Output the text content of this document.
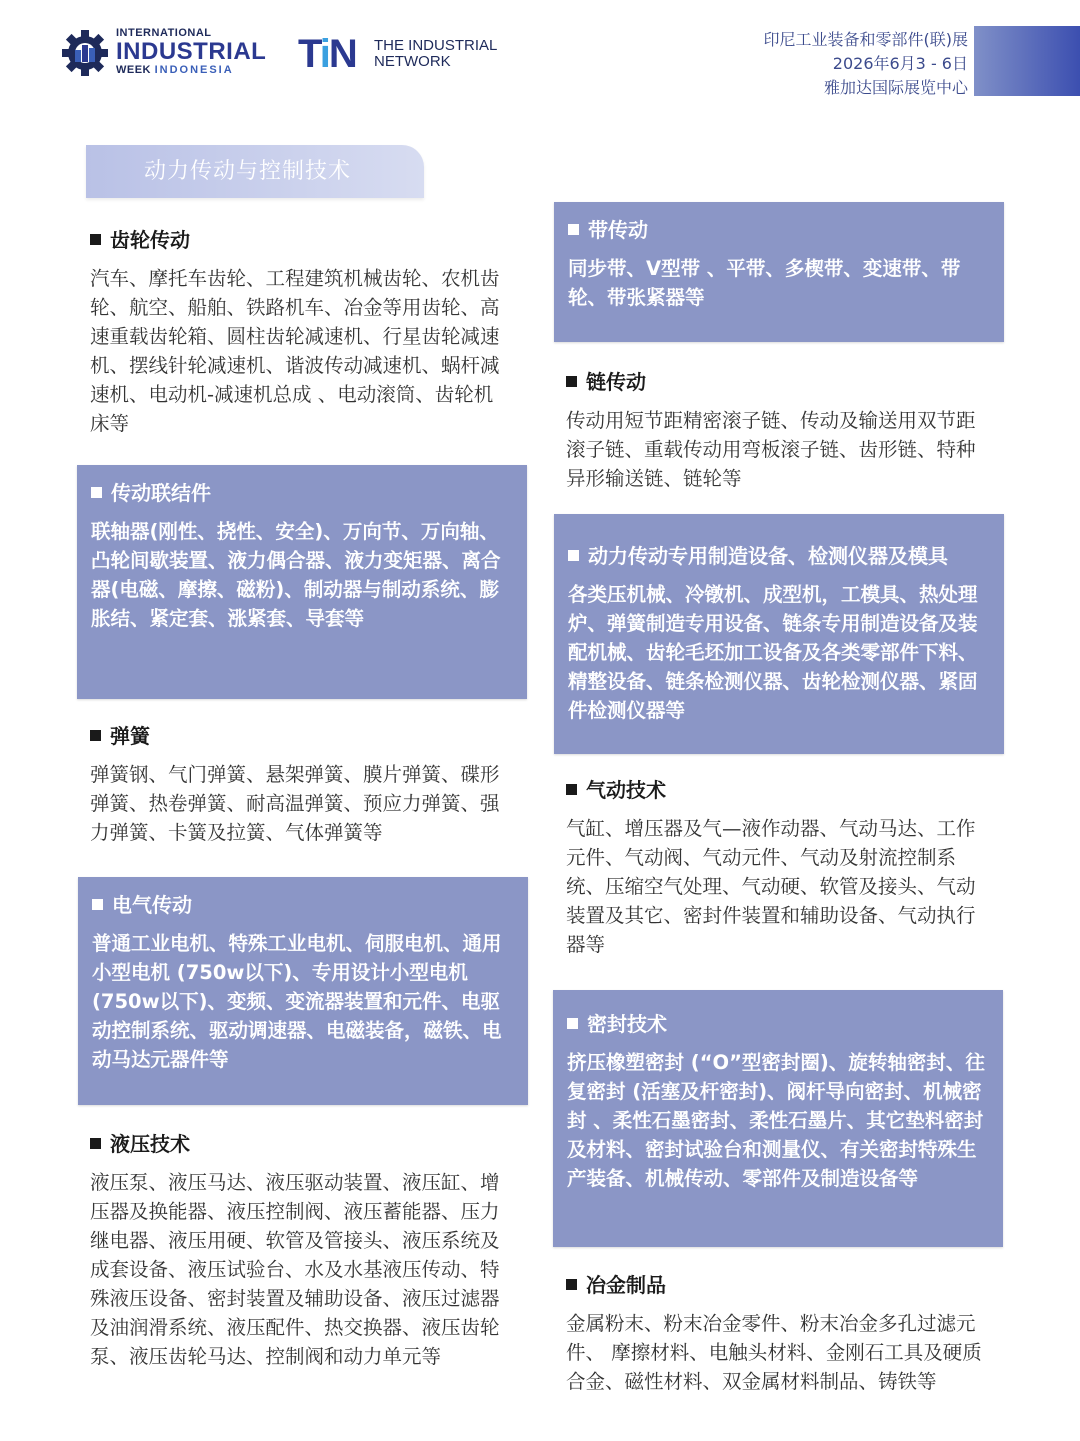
INTERNATIONAL
INDUSTRIAL
WEEK INDONESIA	TiN THE INDUSTRIAL
NETWORK
印尼工业装备和零部件(联)展
2026年6月3 - 6日
雅加达国际展览中心
动力传动与控制技术
齿轮传动

汽车、摩托车齿轮、工程建筑机械齿轮、农机齿轮、航空、船舶、铁路机车、冶金等用齿轮、高速重载齿轮箱、圆柱齿轮减速机、行星齿轮减速机、摆线针轮减速机、谐波传动减速机、蜗杆减速机、电动机-减速机总成 、电动滚筒、齿轮机床等

传动联结件

联轴器(刚性、挠性、安全)、万向节、万向轴、凸轮间歇装置、液力偶合器、液力变矩器、离合器(电磁、摩擦、磁粉)、制动器与制动系统、膨胀结、紧定套、涨紧套、导套等

弹簧

弹簧钢、气门弹簧、悬架弹簧、膜片弹簧、碟形弹簧、热卷弹簧、耐高温弹簧、预应力弹簧、强力弹簧、卡簧及拉簧、气体弹簧等

电气传动

普通工业电机、特殊工业电机、伺服电机、通用小型电机 (750w以下)、专用设计小型电机 (750w以下)、变频、变流器装置和元件、电驱动控制系统、驱动调速器、电磁装备，磁铁、电动马达元器件等

液压技术

液压泵、液压马达、液压驱动装置、液压缸、增压器及换能器、液压控制阀、液压蓄能器、压力继电器、液压用硬、软管及管接头、液压系统及成套设备、液压试验台、水及水基液压传动、特殊液压设备、密封装置及辅助设备、液压过滤器及油润滑系统、液压配件、热交换器、液压齿轮泵、液压齿轮马达、控制阀和动力单元等

带传动

同步带、V型带 、平带、多楔带、变速带、带轮、带张紧器等

链传动

传动用短节距精密滚子链、传动及输送用双节距滚子链、重载传动用弯板滚子链、齿形链、特种异形输送链、链轮等

动力传动专用制造设备、检测仪器及模具

各类压机械、冷镦机、成型机，工模具、热处理炉、弹簧制造专用设备、链条专用制造设备及装配机械、齿轮毛坯加工设备及各类零部件下料、精整设备、链条检测仪器、齿轮检测仪器、紧固件检测仪器等

气动技术

气缸、增压器及气—液作动器、气动马达、工作元件、气动阀、气动元件、气动及射流控制系统、压缩空气处理、气动硬、软管及接头、气动装置及其它、密封件装置和辅助设备、气动执行器等

密封技术

挤压橡塑密封 (“O”型密封圈)、旋转轴密封、往复密封 (活塞及杆密封)、阀杆导向密封、机械密封 、柔性石墨密封、柔性石墨片、其它垫料密封及材料、密封试验台和测量仪、有关密封特殊生产装备、机械传动、零部件及制造设备等

冶金制品

金属粉末、粉末冶金零件、粉末冶金多孔过滤元件、 摩擦材料、电触头材料、金刚石工具及硬质合金、磁性材料、双金属材料制品、铸铁等
